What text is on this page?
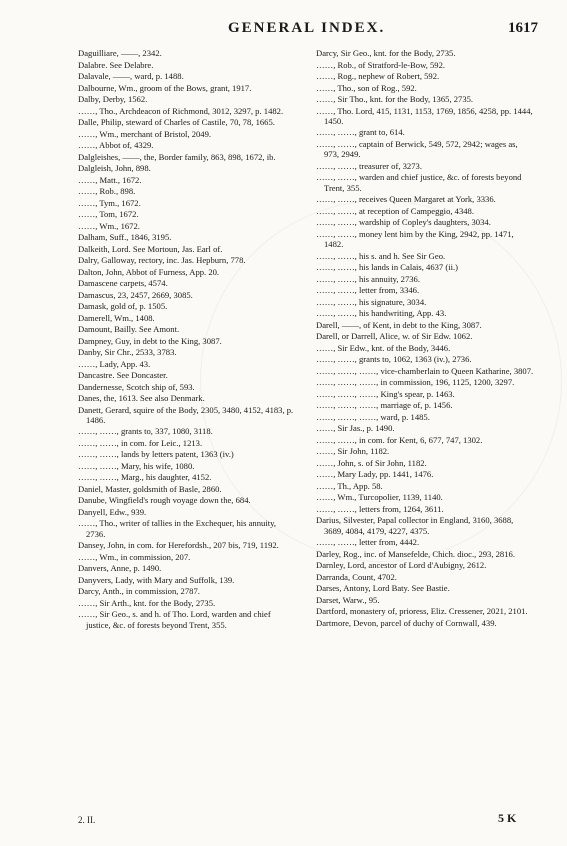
GENERAL INDEX.	1617
Daguilliare, ——, 2342.
Dalabre. See Delabre.
Dalavale, ——, ward, p. 1488.
Dalbourne, Wm., groom of the Bows, grant, 1917.
Dalby, Derby, 1562.
……, Tho., Archdeacon of Richmond, 3012, 3297, p. 1482.
Dalle, Philip, steward of Charles of Castile, 70, 78, 1665.
……, Wm., merchant of Bristol, 2049.
……, Abbot of, 4329.
Dalgleishes, ——, the, Border family, 863, 898, 1672, ib.
Dalgleish, John, 898.
……, Matt., 1672.
……, Rob., 898.
……, Tym., 1672.
……, Tom, 1672.
……, Wm., 1672.
Dalham, Suff., 1846, 3195.
Dalkeith, Lord. See Mortoun, Jas. Earl of.
Dalry, Galloway, rectory, inc. Jas. Hepburn, 778.
Dalton, John, Abbot of Furness, App. 20.
Damascene carpets, 4574.
Damascus, 23, 2457, 2669, 3085.
Damask, gold of, p. 1505.
Damerell, Wm., 1408.
Damount, Bailly. See Amont.
Dampney, Guy, in debt to the King, 3087.
Danby, Sir Chr., 2533, 3783.
……, Lady, App. 43.
Dancastre. See Doncaster.
Dandernesse, Scotch ship of, 593.
Danes, the, 1613. See also Denmark.
Danett, Gerard, squire of the Body, 2305, 3480, 4152, 4183, p. 1486.
……, ……, grants to, 337, 1080, 3118.
……, ……, in com. for Leic., 1213.
……, ……, lands by letters patent, 1363 (iv.)
……, ……, Mary, his wife, 1080.
……, ……, Marg., his daughter, 4152.
Daniel, Master, goldsmith of Basle, 2860.
Danube, Wingfield's rough voyage down the, 684.
Danyell, Edw., 939.
……, Tho., writer of tallies in the Exchequer, his annuity, 2736.
Dansey, John, in com. for Herefordsh., 207 bis, 719, 1192.
……, Wm., in commission, 207.
Danvers, Anne, p. 1490.
Danyvers, Lady, with Mary and Suffolk, 139.
Darcy, Anth., in commission, 2787.
……, Sir Arth., knt. for the Body, 2735.
……, Sir Geo., s. and h. of Tho. Lord, warden and chief justice, &c. of forests beyond Trent, 355.
Darcy, Sir Geo., knt. for the Body, 2735.
……, Rob., of Stratford-le-Bow, 592.
……, Rog., nephew of Robert, 592.
……, Tho., son of Rog., 592.
……, Sir Tho., knt. for the Body, 1365, 2735.
……, Tho. Lord, 415, 1131, 1153, 1769, 1856, 4258, pp. 1444, 1450.
……, ……, grant to, 614.
……, ……, captain of Berwick, 549, 572, 2942; wages as, 973, 2949.
……, ……, treasurer of, 3273.
……, ……, warden and chief justice, &c. of forests beyond Trent, 355.
……, ……, receives Queen Margaret at York, 3336.
……, ……, at reception of Campeggio, 4348.
……, ……, wardship of Copley's daughters, 3034.
……, ……, money lent him by the King, 2942, pp. 1471, 1482.
……, ……, his s. and h. See Sir Geo.
……, ……, his lands in Calais, 4637 (ii.)
……, ……, his annuity, 2736.
……, ……, letter from, 3346.
……, ……, his signature, 3034.
……, ……, his handwriting, App. 43.
Darell, ——, of Kent, in debt to the King, 3087.
Darell, or Darrell, Alice, w. of Sir Edw. 1062.
……, Sir Edw., knt. of the Body, 3446.
……, ……, grants to, 1062, 1363 (iv.), 2736.
……, ……, ……, vice-chamberlain to Queen Katharine, 3807.
……, ……, ……, in commission, 196, 1125, 1200, 3297.
……, ……, ……, King's spear, p. 1463.
……, ……, ……, marriage of, p. 1456.
……, ……, ……, ward, p. 1485.
……, Sir Jas., p. 1490.
……, ……, in com. for Kent, 6, 677, 747, 1302.
……, Sir John, 1182.
……, John, s. of Sir John, 1182.
……, Mary Lady, pp. 1441, 1476.
……, Th., App. 58.
……, Wm., Turcopolier, 1139, 1140.
……, ……, letters from, 1264, 3611.
Darius, Silvester, Papal collector in England, 3160, 3688, 3689, 4084, 4179, 4227, 4375.
……, ……, letter from, 4442.
Darley, Rog., inc. of Mansefelde, Chich. dioc., 293, 2816.
Darnley, Lord, ancestor of Lord d'Aubigny, 2612.
Darranda, Count, 4702.
Darses, Antony, Lord Baty. See Bastie.
Darset, Warw., 95.
Dartford, monastery of, prioress, Eliz. Cressener, 2021, 2101.
Dartmore, Devon, parcel of duchy of Cornwall, 439.
2. II.	5 K
